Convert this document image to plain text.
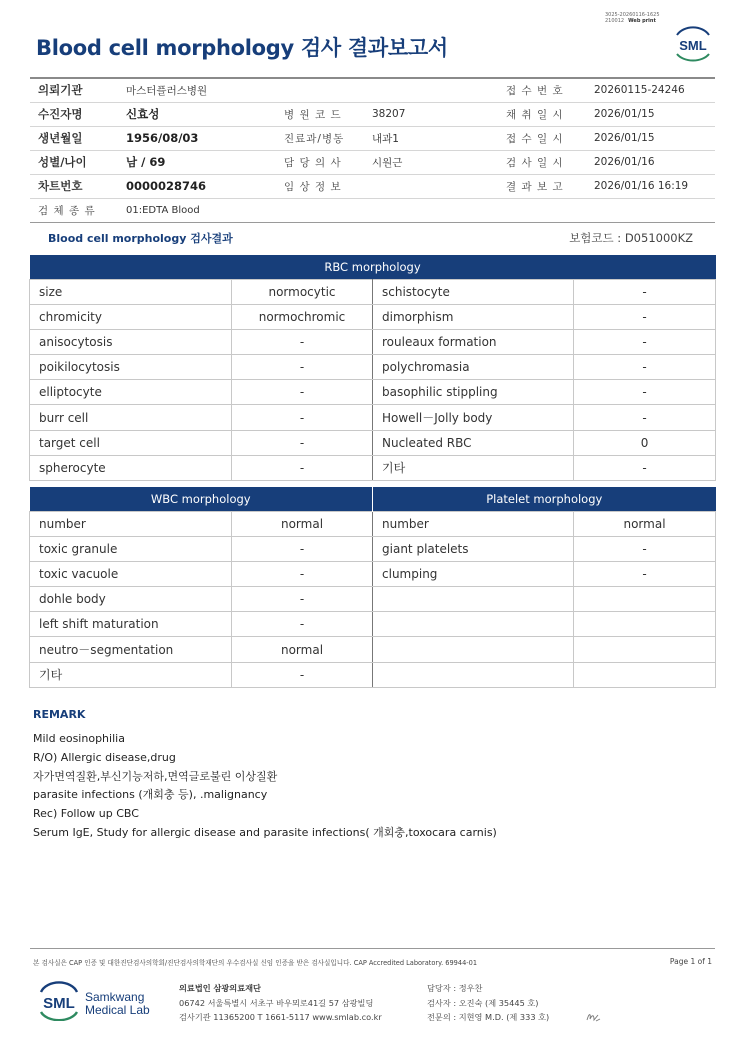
3025-20260116-1625
210012 Web print
Blood cell morphology 검사 결과보고서	SML
의뢰기관	마스터플러스병원			접 수 번 호	20260115-24246
수진자명	신효성	병 원 코 드	38207	채 취 일 시	2026/01/15
생년월일	1956/08/03	진료과/병동	내과1	접 수 일 시	2026/01/15
성별/나이	남 / 69	담 당 의 사	시원근	검 사 일 시	2026/01/16
차트번호	0000028746	임 상 정 보		결 과 보 고	2026/01/16 16:19
검 체 종 류	01:EDTA Blood				
Blood cell morphology 검사결과	보험코드 : D051000KZ
RBC morphology			
size	normocytic	schistocyte	-
chromicity	normochromic	dimorphism	-
anisocytosis	-	rouleaux formation	-
poikilocytosis	-	polychromasia	-
elliptocyte	-	basophilic stippling	-
burr cell	-	Howell－Jolly body	-
target cell	-	Nucleated RBC	0
spherocyte	-	기타	-
WBC morphology		Platelet morphology	
number	normal	number	normal
toxic granule	-	giant platelets	-
toxic vacuole	-	clumping	-
dohle body	-		
left shift maturation	-		
neutro－segmentation	normal		
기타	-		
REMARK
Mild eosinophilia
R/O) Allergic disease,drug
자가면역질환,부신기능저하,면역글로불린 이상질환
parasite infections (개회충 등), .malignancy
Rec) Follow up CBC
Serum IgE, Study for allergic disease and parasite infections( 개회충,toxocara carnis)
본 검사실은 CAP 인증 및 대한진단검사의학회/진단검사의학재단의 우수검사실 신임 인증을 받은 검사실입니다. CAP Accredited Laboratory. 69944-01	Page 1 of 1
SML Samkwang
Medical Lab
의료법인 삼광의료재단
06742 서울특별시 서초구 바우뫼로41길 57 삼광빌딩
검사기관 11365200 T 1661-5117 www.smlab.co.kr
담당자 : 정우찬
검사자 : 오진숙 (제 35445 호)
전문의 : 지현영 M.D. (제 333 호)
